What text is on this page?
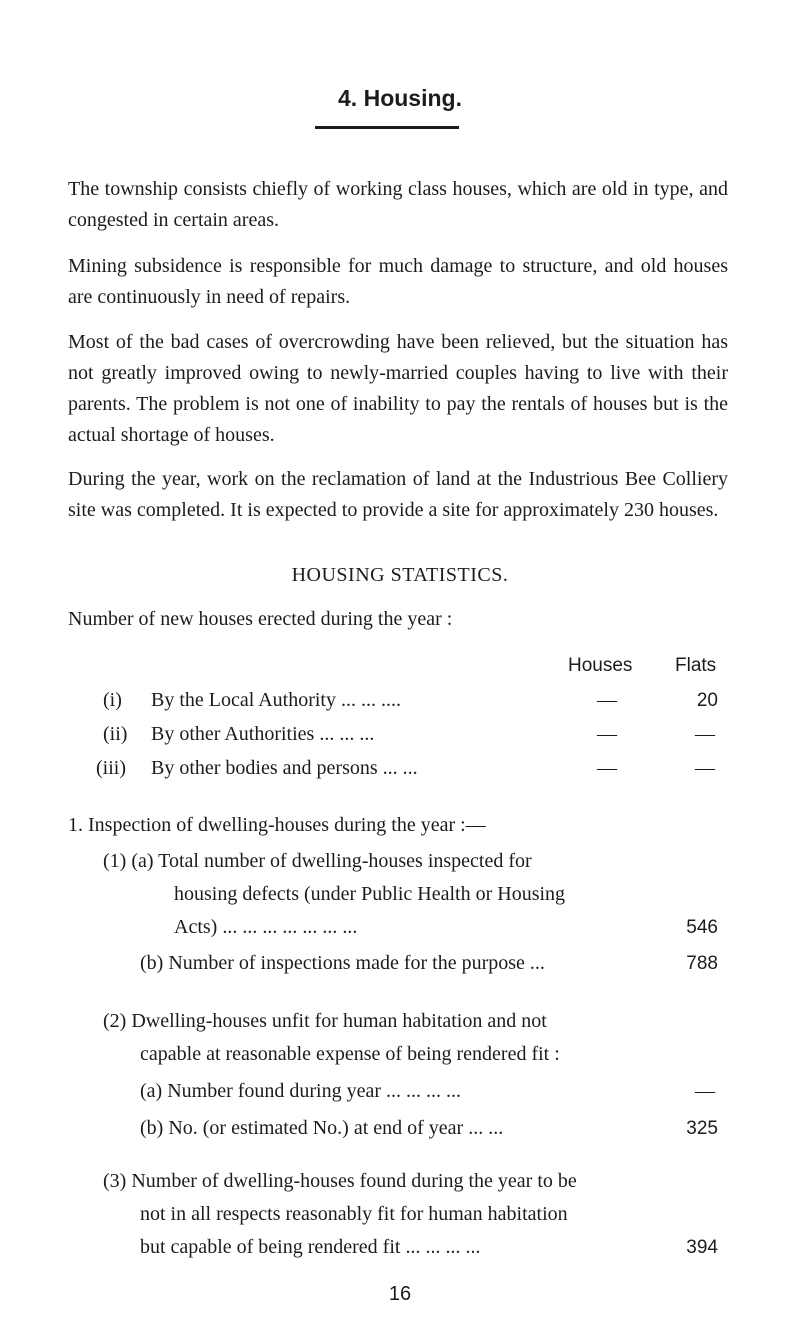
4. Housing.

The township consists chiefly of working class houses, which are old in type, and congested in certain areas.

Mining subsidence is responsible for much damage to structure, and old houses are continuously in need of repairs.

Most of the bad cases of overcrowding have been relieved, but the situation has not greatly improved owing to newly-married couples having to live with their parents. The problem is not one of inability to pay the rentals of houses but is the actual shortage of houses.

During the year, work on the reclamation of land at the Industrious Bee Colliery site was completed. It is expected to provide a site for approximately 230 houses.

HOUSING STATISTICS.
Number of new houses erected during the year :
Houses Flats
(i) By the Local Authority ... ... ....	—	20
(ii) By other Authorities ... ... ...	—	—
(iii) By other bodies and persons ... ...	—	—
1. Inspection of dwelling-houses during the year :—
(1) (a) Total number of dwelling-houses inspected for
housing defects (under Public Health or Housing
Acts) ... ... ... ... ... ... ...	546
(b) Number of inspections made for the purpose ...	788
(2) Dwelling-houses unfit for human habitation and not
capable at reasonable expense of being rendered fit :
(a) Number found during year ... ... ... ...	—
(b) No. (or estimated No.) at end of year ... ...	325
(3) Number of dwelling-houses found during the year to be
not in all respects reasonably fit for human habitation
but capable of being rendered fit ... ... ... ...	394
16
